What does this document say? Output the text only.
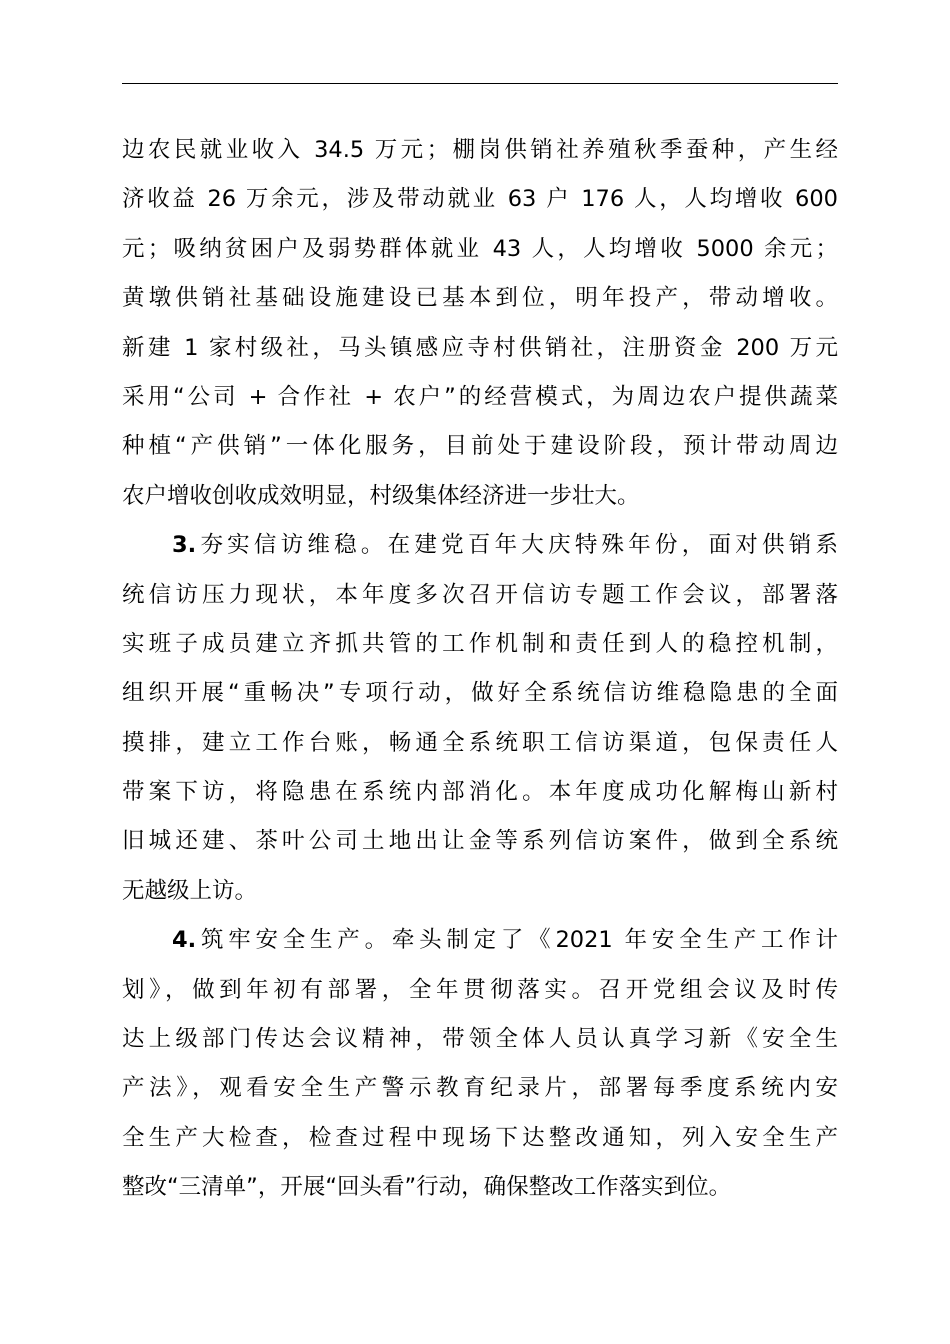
边农民就业收入 34.5 万元；棚岗供销社养殖秋季蚕种，产生经
济收益 26 万余元，涉及带动就业 63 户 176 人，人均增收 600
元；吸纳贫困户及弱势群体就业 43 人，人均增收 5000 余元；
黄墩供销社基础设施建设已基本到位，明年投产，带动增收。
新建 1 家村级社，马头镇感应寺村供销社，注册资金 200 万元
采用“公司 + 合作社 + 农户”的经营模式，为周边农户提供蔬菜
种植“产供销”一体化服务，目前处于建设阶段，预计带动周边
农户增收创收成效明显，村级集体经济进一步壮大。
3.夯实信访维稳。在建党百年大庆特殊年份，面对供销系
统信访压力现状，本年度多次召开信访专题工作会议，部署落
实班子成员建立齐抓共管的工作机制和责任到人的稳控机制，
组织开展“重畅决”专项行动，做好全系统信访维稳隐患的全面
摸排，建立工作台账，畅通全系统职工信访渠道，包保责任人
带案下访，将隐患在系统内部消化。本年度成功化解梅山新村
旧城还建、茶叶公司土地出让金等系列信访案件，做到全系统
无越级上访。
4.筑牢安全生产。牵头制定了《2021 年安全生产工作计
划》，做到年初有部署，全年贯彻落实。召开党组会议及时传
达上级部门传达会议精神，带领全体人员认真学习新《安全生
产法》，观看安全生产警示教育纪录片，部署每季度系统内安
全生产大检查，检查过程中现场下达整改通知，列入安全生产
整改“三清单”，开展“回头看”行动，确保整改工作落实到位。
